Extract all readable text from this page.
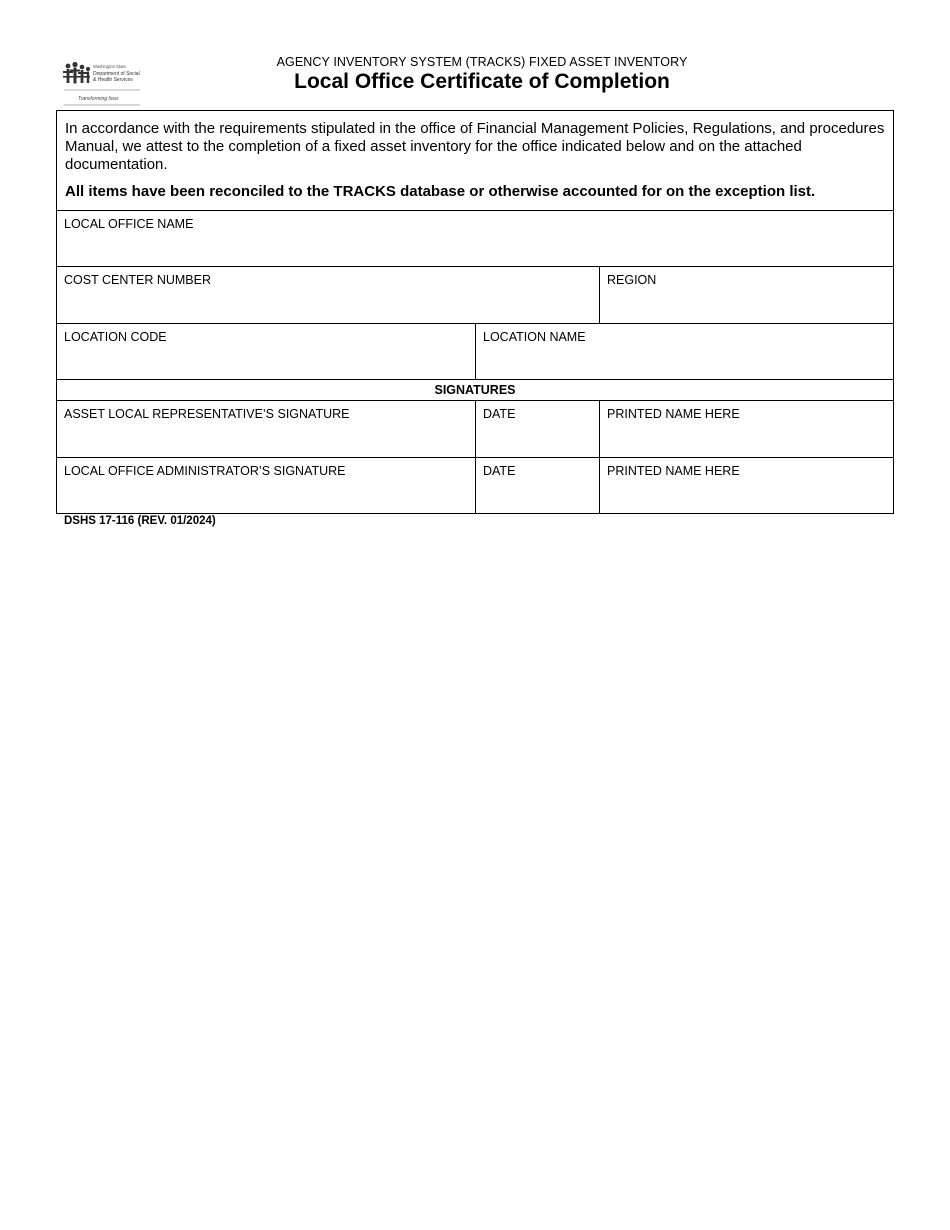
Washington State
Department of Social
& Health Services
Transforming lives
AGENCY INVENTORY SYSTEM (TRACKS) FIXED ASSET INVENTORY
Local Office Certificate of Completion

In accordance with the requirements stipulated in the office of Financial Management Policies, Regulations, and procedures Manual, we attest to the completion of a fixed asset inventory for the office indicated below and on the attached documentation.

All items have been reconciled to the TRACKS database or otherwise accounted for on the exception list.

LOCAL OFFICE NAME
COST CENTER NUMBER	REGION
LOCATION CODE	LOCATION NAME
SIGNATURES
ASSET LOCAL REPRESENTATIVE’S SIGNATURE	DATE	PRINTED NAME HERE
LOCAL OFFICE ADMINISTRATOR’S SIGNATURE	DATE	PRINTED NAME HERE
DSHS 17-116 (REV. 01/2024)
